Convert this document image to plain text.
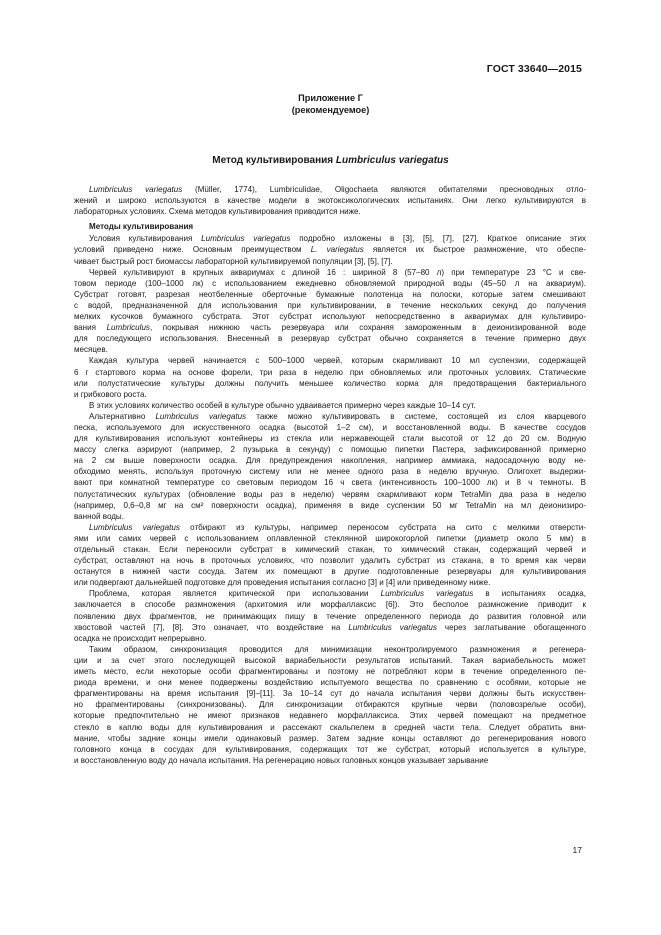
ГОСТ 33640—2015
Приложение Г
(рекомендуемое)
Метод культивирования Lumbriculus variegatus

Lumbriculus variegatus (Müller, 1774), Lumbriculidae, Oligochaeta являются обитателями пресноводных отло-
жений и широко используются в качестве модели в экотоксикологических испытаниях. Они легко культивируются в
лабораторных условиях. Схема методов культивирования приводится ниже.

Методы культивирования

Условия культивирования Lumbriculus variegatus подробно изложены в [3], [5], [7], [27]. Краткое описание этих
условий приведено ниже. Основным преимуществом L. variegatus является их быстрое размножение, что обеспе-
чивает быстрый рост биомассы лабораторной культивируемой популяции [3], [5], [7].

Червей культивируют в крупных аквариумах с длиной 16 : шириной 8 (57–80 л) при температуре 23 °С и све-
товом периоде (100–1000 лк) с использованием ежедневно обновляемой природной воды (45–50 л на аквариум).
Субстрат готовят, разрезая неотбеленные оберточные бумажные полотенца на полоски, которые затем смешивают
с водой, предназначенной для использования при культивировании, в течение нескольких секунд до получения
мелких кусочков бумажного субстрата. Этот субстрат используют непосредственно в аквариумах для культивиро-
вания Lumbriculus, покрывая нижнюю часть резервуара или сохраняя замороженным в деионизированной воде
для последующего использования. Внесенный в резервуар субстрат обычно сохраняется в течение примерно двух
месяцев.

Каждая культура червей начинается с 500–1000 червей, которым скармливают 10 мл суспензии, содержащей
6 г стартового корма на основе форели, три раза в неделю при обновляемых или проточных условиях. Статические
или полустатические культуры должны получить меньшее количество корма для предотвращения бактериального
и грибкового роста.

В этих условиях количество особей в культуре обычно удваивается примерно через каждые 10–14 сут.

Альтернативно Lumbriculus variegatus также можно культивировать в системе, состоящей из слоя кварцевого
песка, используемого для искусственного осадка (высотой 1–2 см), и восстановленной воды. В качестве сосудов
для культивирования используют контейнеры из стекла или нержавеющей стали высотой от 12 до 20 см. Водную
массу слегка аэрируют (например, 2 пузырька в секунду) с помощью пипетки Пастера, зафиксированной примерно
на 2 см выше поверхности осадка. Для предупреждения накопления, например аммиака, надосадочную воду не-
обходимо менять, используя проточную систему или не менее одного раза в неделю вручную. Олигохет выдержи-
вают при комнатной температуре со световым периодом 16 ч света (интенсивность 100–1000 лк) и 8 ч темноты. В
полустатических культурах (обновление воды раз в неделю) червям скармливают корм TetraMin два раза в неделю
(например, 0,6–0,8 мг на см² поверхности осадка), применяя в виде суспензии 50 мг TetraMin на мл деионизиро-
ванной воды.

Lumbriculus variegatus отбирают из культуры, например переносом субстрата на сито с мелкими отверсти-
ями или самих червей с использованием оплавленной стеклянной широкогорлой пипетки (диаметр около 5 мм) в
отдельный стакан. Если переносили субстрат в химический стакан, то химический стакан, содержащий червей и
субстрат, оставляют на ночь в проточных условиях, что позволит удалить субстрат из стакана, в то время как черви
останутся в нижней части сосуда. Затем их помещают в другие подготовленные резервуары для культивирования
или подвергают дальнейшей подготовке для проведения испытания согласно [3] и [4] или приведенному ниже.

Проблема, которая является критической при использовании Lumbriculus variegatus в испытаниях осадка,
заключается в способе размножения (архитомия или морфаллаксис [6]). Это бесполое размножение приводит к
появлению двух фрагментов, не принимающих пищу в течение определенного периода до развития головной или
хвостовой частей [7], [8]. Это означает, что воздействие на Lumbriculus variegatus через заглатывание обогащенного
осадка не происходит непрерывно.

Таким образом, синхронизация проводится для минимизации неконтролируемого размножения и регенера-
ции и за счет этого последующей высокой вариабельности результатов испытаний. Такая вариабельность может
иметь место, если некоторые особи фрагментированы и поэтому не потребляют корм в течение определенного пе-
риода времени, и они менее подвержены воздействию испытуемого вещества по сравнению с особями, которые не
фрагментированы на время испытания [9]–[11]. За 10–14 сут до начала испытания черви должны быть искусствен-
но фрагментированы (синхронизованы). Для синхронизации отбираются крупные черви (половозрелые особи),
которые предпочтительно не имеют признаков недавнего морфаллаксиса. Этих червей помещают на предметное
стекло в каплю воды для культивирования и рассекают скальпелем в средней части тела. Следует обратить вни-
мание, чтобы задние концы имели одинаковый размер. Затем задние концы оставляют до регенерирования нового
головного конца в сосудах для культивирования, содержащих тот же субстрат, который используется в культуре,
и восстановленную воду до начала испытания. На регенерацию новых головных концов указывает зарывание

17
